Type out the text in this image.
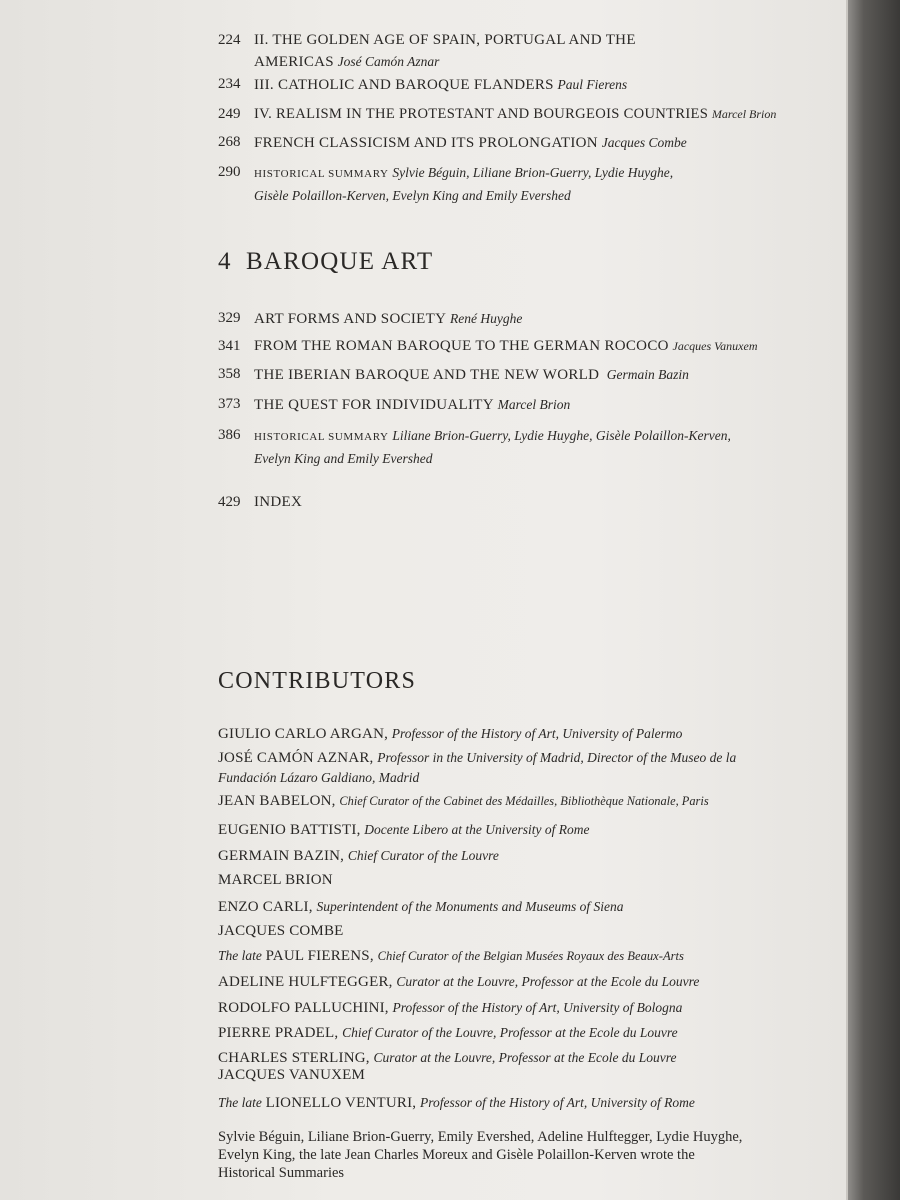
224 II. THE GOLDEN AGE OF SPAIN, PORTUGAL AND THE
AMERICAS José Camón Aznar
234 III. CATHOLIC AND BAROQUE FLANDERS Paul Fierens
249 IV. REALISM IN THE PROTESTANT AND BOURGEOIS COUNTRIES Marcel Brion
268 FRENCH CLASSICISM AND ITS PROLONGATION Jacques Combe
290	HISTORICAL SUMMARY Sylvie Béguin, Liliane Brion-Guerry, Lydie Huyghe,
Gisèle Polaillon-Kerven, Evelyn King and Emily Evershed
4 BAROQUE ART
329 ART FORMS AND SOCIETY René Huyghe
341 FROM THE ROMAN BAROQUE TO THE GERMAN ROCOCO Jacques Vanuxem
358 THE IBERIAN BAROQUE AND THE NEW WORLD Germain Bazin
373 THE QUEST FOR INDIVIDUALITY Marcel Brion
386	HISTORICAL SUMMARY Liliane Brion-Guerry, Lydie Huyghe, Gisèle Polaillon-Kerven,
Evelyn King and Emily Evershed
429 INDEX
CONTRIBUTORS
GIULIO CARLO ARGAN, Professor of the History of Art, University of Palermo
JOSÉ CAMÓN AZNAR, Professor in the University of Madrid, Director of the Museo de la
Fundación Lázaro Galdiano, Madrid
JEAN BABELON, Chief Curator of the Cabinet des Médailles, Bibliothèque Nationale, Paris
EUGENIO BATTISTI, Docente Libero at the University of Rome
GERMAIN BAZIN, Chief Curator of the Louvre
MARCEL BRION
ENZO CARLI, Superintendent of the Monuments and Museums of Siena
JACQUES COMBE
The late PAUL FIERENS, Chief Curator of the Belgian Musées Royaux des Beaux-Arts
ADELINE HULFTEGGER, Curator at the Louvre, Professor at the Ecole du Louvre
RODOLFO PALLUCHINI, Professor of the History of Art, University of Bologna
PIERRE PRADEL, Chief Curator of the Louvre, Professor at the Ecole du Louvre
CHARLES STERLING, Curator at the Louvre, Professor at the Ecole du Louvre
JACQUES VANUXEM
The late LIONELLO VENTURI, Professor of the History of Art, University of Rome
Sylvie Béguin, Liliane Brion-Guerry, Emily Evershed, Adeline Hulftegger, Lydie Huyghe,
Evelyn King, the late Jean Charles Moreux and Gisèle Polaillon-Kerven wrote the
Historical Summaries
